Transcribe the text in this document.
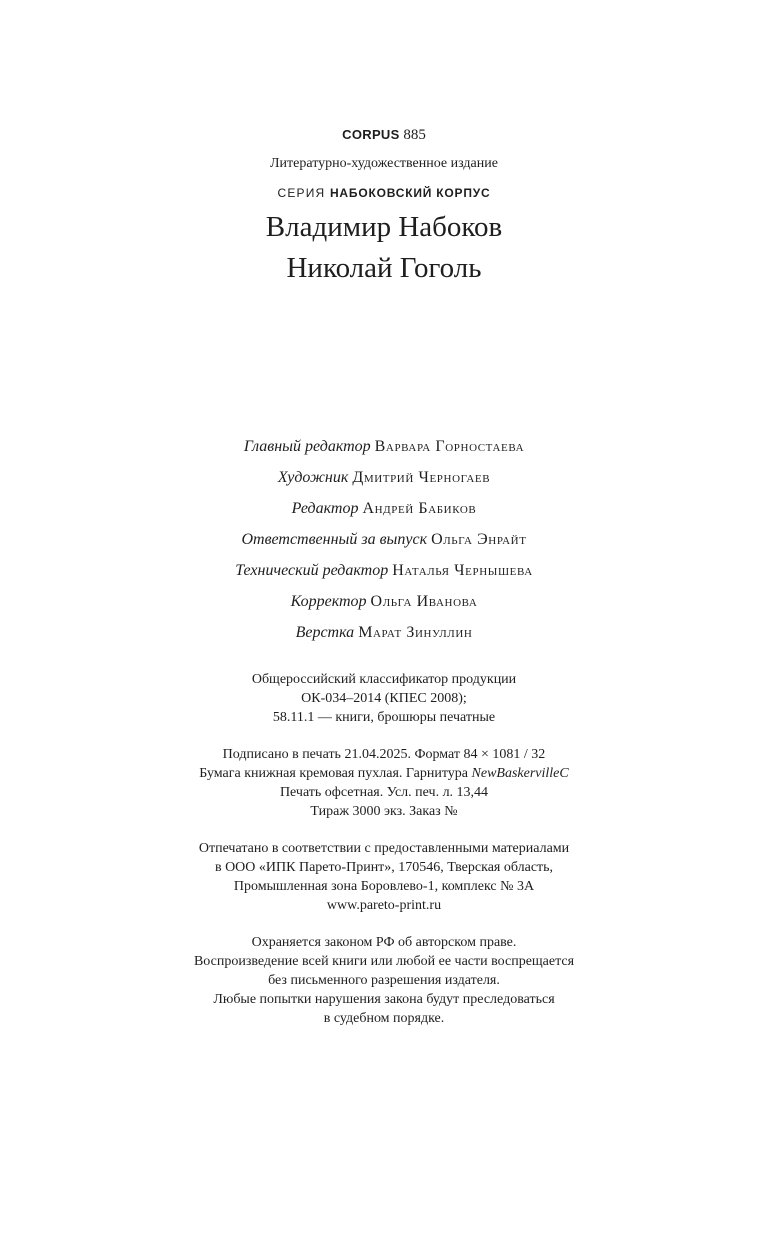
CORPUS 885
Литературно-художественное издание
СЕРИЯ НАБОКОВСКИЙ КОРПУС
Владимир Набоков
Николай Гоголь
Главный редактор Варвара Горностаева
Художник Дмитрий Черногаев
Редактор Андрей Бабиков
Ответственный за выпуск Ольга Энрайт
Технический редактор Наталья Чернышева
Корректор Ольга Иванова
Верстка Марат Зинуллин
Общероссийский классификатор продукции
ОК-034–2014 (КПЕС 2008);
58.11.1 — книги, брошюры печатные
Подписано в печать 21.04.2025. Формат 84 × 1081 / 32
Бумага книжная кремовая пухлая. Гарнитура NewBaskervilleC
Печать офсетная. Усл. печ. л. 13,44
Тираж 3000 экз. Заказ №
Отпечатано в соответствии с предоставленными материалами
в ООО «ИПК Парето-Принт», 170546, Тверская область,
Промышленная зона Боровлево-1, комплекс № 3А
www.pareto-print.ru
Охраняется законом РФ об авторском праве.
Воспроизведение всей книги или любой ее части воспрещается
без письменного разрешения издателя.
Любые попытки нарушения закона будут преследоваться
в судебном порядке.
